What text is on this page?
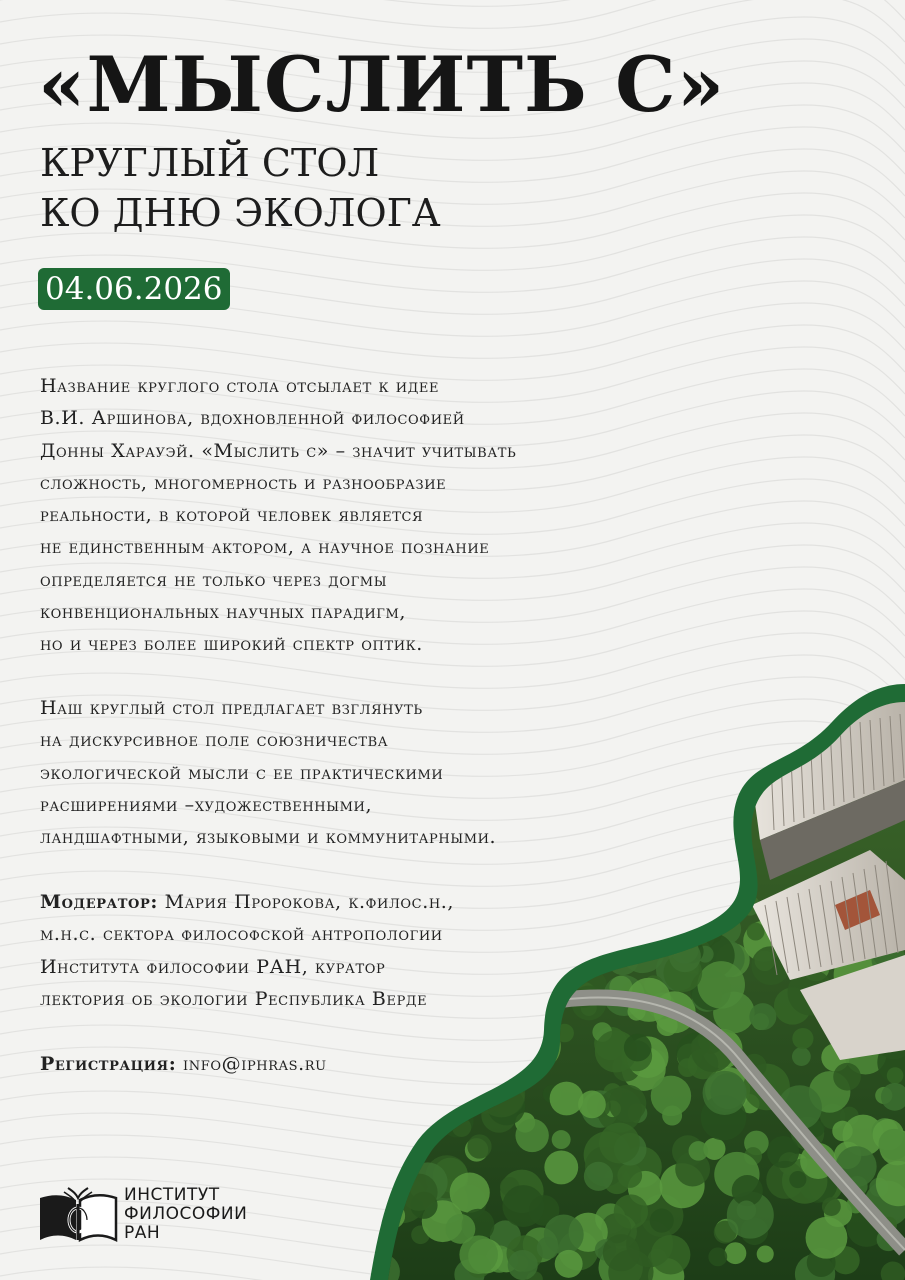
«МЫСЛИТЬ С»
КРУГЛЫЙ СТОЛ
КО ДНЮ ЭКОЛОГА
04.06.2026

Название круглого стола отсылает к идее
В.И. Аршинова, вдохновленной философией
Донны Харауэй. «Мыслить с» – значит учитывать
сложность, многомерность и разнообразие
реальности, в которой человек является
не единственным актором, а научное познание
определяется не только через догмы
конвенциональных научных парадигм,
но и через более широкий спектр оптик.

Наш круглый стол предлагает взглянуть
на дискурсивное поле союзничества
экологической мысли с ее практическими
расширениями –художественными,
ландшафтными, языковыми и коммунитарными.

Модератор: Мария Пророкова, к.филос.н.,
м.н.с. сектора философской антропологии
Института философии РАН, куратор
лектория об экологии Республика Верде

Регистрация: info@iphras.ru

ИНСТИТУТ
ФИЛОСОФИИ
РАН
